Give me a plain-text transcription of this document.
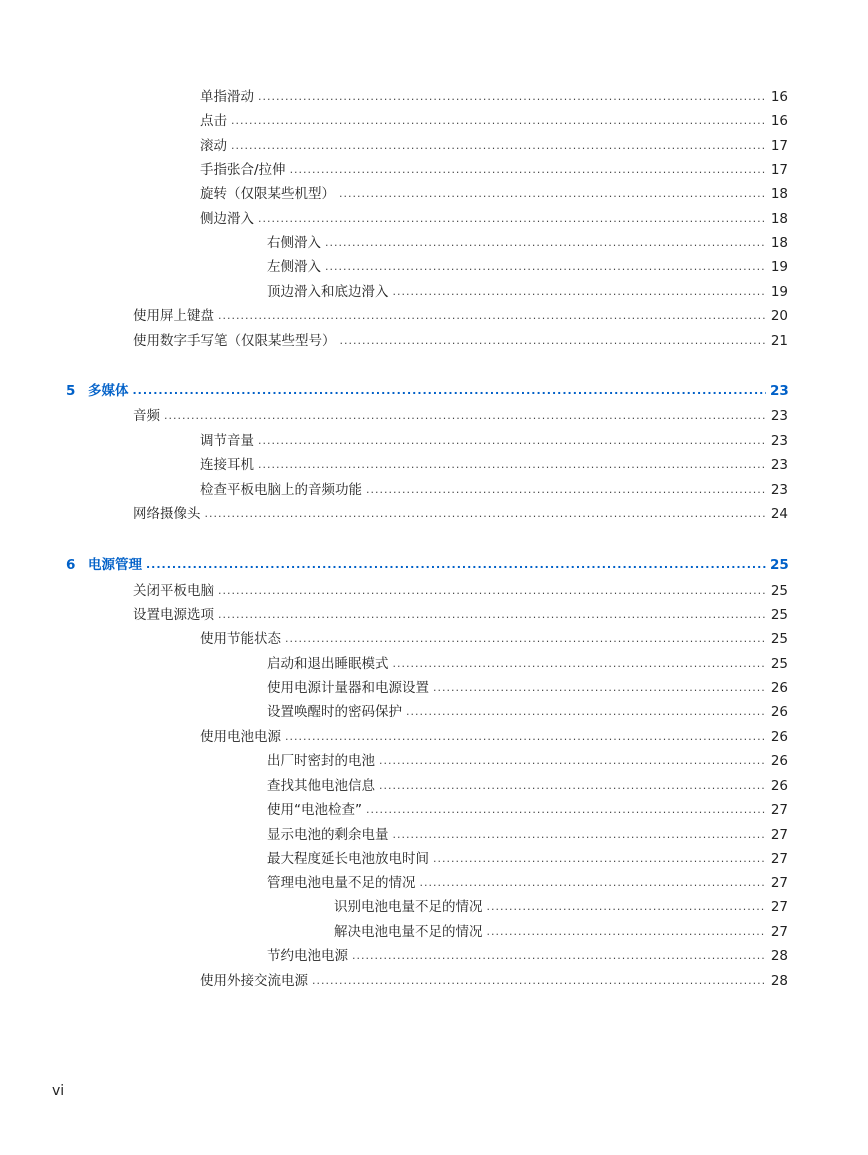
单指滑动 .....	16
点击 .....	16
滚动 .....	17
手指张合/拉伸 .....	17
旋转（仅限某些机型） .....	18
侧边滑入 .....	18
右侧滑入 .....	18
左侧滑入 .....	19
顶边滑入和底边滑入 .....	19
使用屏上键盘 .....	20
使用数字手写笔（仅限某些型号） .....	21
5 多媒体 .....	23
音频 .....	23
调节音量 .....	23
连接耳机 .....	23
检查平板电脑上的音频功能 .....	23
网络摄像头 .....	24
6 电源管理 .....	25
关闭平板电脑 .....	25
设置电源选项 .....	25
使用节能状态 .....	25
启动和退出睡眠模式 .....	25
使用电源计量器和电源设置 .....	26
设置唤醒时的密码保护 .....	26
使用电池电源 .....	26
出厂时密封的电池 .....	26
查找其他电池信息 .....	26
使用“电池检查” .....	27
显示电池的剩余电量 .....	27
最大程度延长电池放电时间 .....	27
管理电池电量不足的情况 .....	27
识别电池电量不足的情况 .....	27
解决电池电量不足的情况 .....	27
节约电池电源 .....	28
使用外接交流电源 .....	28
vi
